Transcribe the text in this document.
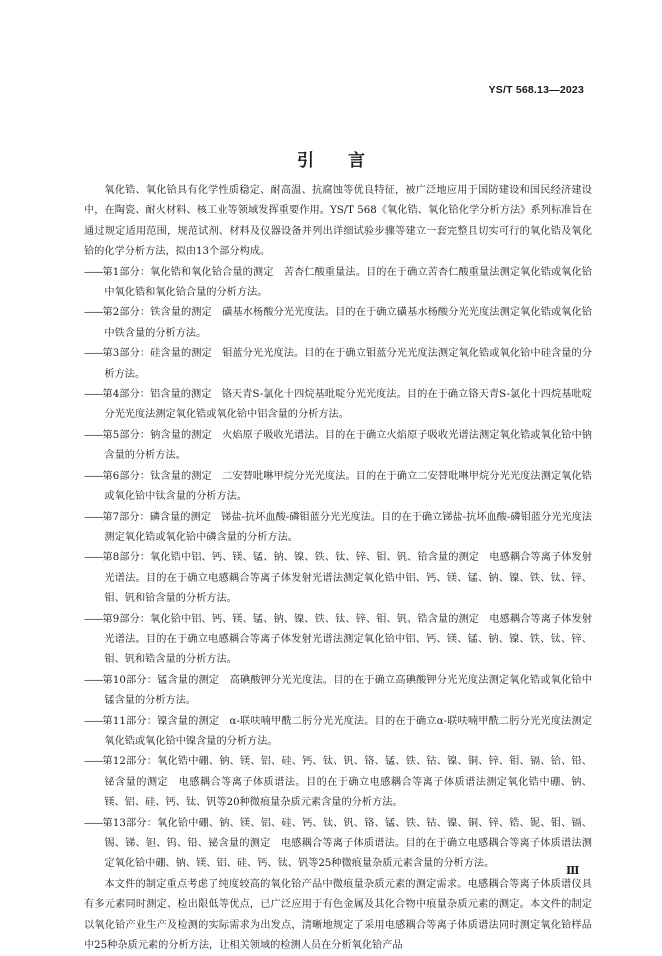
YS/T 568.13—2023
引言

氧化锆、氧化铪具有化学性质稳定、耐高温、抗腐蚀等优良特征，被广泛地应用于国防建设和国民经济建设中，在陶瓷、耐火材料、核工业等领域发挥重要作用。YS/T 568《氧化锆、氧化铪化学分析方法》系列标准旨在通过规定适用范围，规范试剂、材料及仪器设备并列出详细试验步骤等建立一套完整且切实可行的氧化锆及氧化铪的化学分析方法，拟由13个部分构成。

——第1部分：氧化锆和氧化铪合量的测定　苦杏仁酸重量法。目的在于确立苦杏仁酸重量法测定氧化锆或氧化铪中氧化锆和氧化铪合量的分析方法。
——第2部分：铁含量的测定　磺基水杨酸分光光度法。目的在于确立磺基水杨酸分光光度法测定氧化锆或氧化铪中铁含量的分析方法。
——第3部分：硅含量的测定　钼蓝分光光度法。目的在于确立钼蓝分光光度法测定氧化锆或氧化铪中硅含量的分析方法。
——第4部分：铝含量的测定　铬天青S-氯化十四烷基吡啶分光光度法。目的在于确立铬天青S-氯化十四烷基吡啶分光光度法测定氧化锆或氧化铪中铝含量的分析方法。
——第5部分：钠含量的测定　火焰原子吸收光谱法。目的在于确立火焰原子吸收光谱法测定氧化锆或氧化铪中钠含量的分析方法。
——第6部分：钛含量的测定　二安替吡啉甲烷分光光度法。目的在于确立二安替吡啉甲烷分光光度法测定氧化锆或氧化铪中钛含量的分析方法。
——第7部分：磷含量的测定　锑盐-抗坏血酸-磷钼蓝分光光度法。目的在于确立锑盐-抗坏血酸-磷钼蓝分光光度法测定氧化锆或氧化铪中磷含量的分析方法。
——第8部分：氧化锆中铝、钙、镁、锰、钠、镍、铁、钛、锌、钼、钒、铪含量的测定　电感耦合等离子体发射光谱法。目的在于确立电感耦合等离子体发射光谱法测定氧化锆中铝、钙、镁、锰、钠、镍、铁、钛、锌、钼、钒和铪含量的分析方法。
——第9部分：氧化铪中铝、钙、镁、锰、钠、镍、铁、钛、锌、钼、钒、锆含量的测定　电感耦合等离子体发射光谱法。目的在于确立电感耦合等离子体发射光谱法测定氧化铪中铝、钙、镁、锰、钠、镍、铁、钛、锌、钼、钒和锆含量的分析方法。
——第10部分：锰含量的测定　高碘酸钾分光光度法。目的在于确立高碘酸钾分光光度法测定氧化锆或氧化铪中锰含量的分析方法。
——第11部分：镍含量的测定　α-联呋喃甲酰二肟分光光度法。目的在于确立α-联呋喃甲酰二肟分光光度法测定氧化锆或氧化铪中镍含量的分析方法。
——第12部分：氧化锆中硼、钠、镁、铝、硅、钙、钛、钒、铬、锰、铁、钴、镍、铜、锌、钼、镉、铪、铅、铋含量的测定　电感耦合等离子体质谱法。目的在于确立电感耦合等离子体质谱法测定氧化锆中硼、钠、镁、铝、硅、钙、钛、钒等20种微痕量杂质元素含量的分析方法。
——第13部分：氧化铪中硼、钠、镁、铝、硅、钙、钛、钒、铬、锰、铁、钴、镍、铜、锌、锆、铌、钼、镉、锡、锑、钽、钨、铅、铋含量的测定　电感耦合等离子体质谱法。目的在于确立电感耦合等离子体质谱法测定氧化铪中硼、钠、镁、铝、硅、钙、钛、钒等25种微痕量杂质元素含量的分析方法。

本文件的制定重点考虑了纯度较高的氧化铪产品中微痕量杂质元素的测定需求。电感耦合等离子体质谱仪具有多元素同时测定、检出限低等优点，已广泛应用于有色金属及其化合物中痕量杂质元素的测定。本文件的制定以氧化铪产业生产及检测的实际需求为出发点，清晰地规定了采用电感耦合等离子体质谱法同时测定氧化铪样品中25种杂质元素的分析方法，让相关领域的检测人员在分析氧化铪产品

Ⅲ
